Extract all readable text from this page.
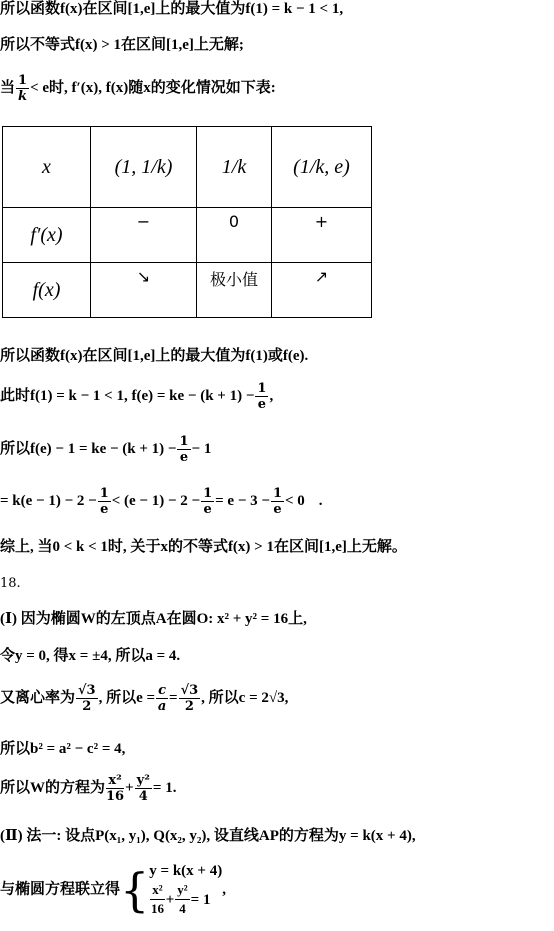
所以函数f(x)在区间[1,e]上的最大值为f(1) = k − 1 < 1,
所以不等式f(x) > 1在区间[1,e]上无解;
当 $\frac{1}{k} < e$时, f′(x), f(x)随x的变化情况如下表:
x	(1, 1/k)	1/k	(1/k, e)
f′(x)	−	0	+
f(x)	↘	极小值	↗
所以函数f(x)在区间[1,e]上的最大值为f(1)或f(e).
此时f(1) = k − 1 < 1, f(e) = ke − $(k + 1) - \frac{1}{e}$ ,
所以f(e) − 1 = ke − $(k + 1) - \frac{1}{e} - 1$
= $k(e - 1) - 2 - \frac{1}{e} < (e - 1) - 2 - \frac{1}{e} = e - 3 - \frac{1}{e} < 0$ .
综上, 当0 < k < 1时, 关于x的不等式f(x) > 1在区间[1,e]上无解。
18.
(Ⅰ) 因为椭圆W的左顶点A在圆O: x² + y² = 16上,
令y = 0, 得x = ±4, 所以a = 4.
又离心率为 $\frac{√3}{2}$ , 所以$e = \frac{c}{a} = \frac{√3}{2}$ , 所以c = 2√3,
所以b² = a² − c² = 4,
所以W的方程为 $\frac{\text{x²}}{16} + \frac{\text{y²}}{4} = 1$.
(Ⅱ) 法一: 设点P(x₁, y₁), Q(x₂, y₂), 设直线AP的方程为y = k(x + 4),
与椭圆方程联立得{ y = k(x + 4)
$\frac{\text{x²}}{16} + \frac{\text{y²}}{4} = 1$
,
